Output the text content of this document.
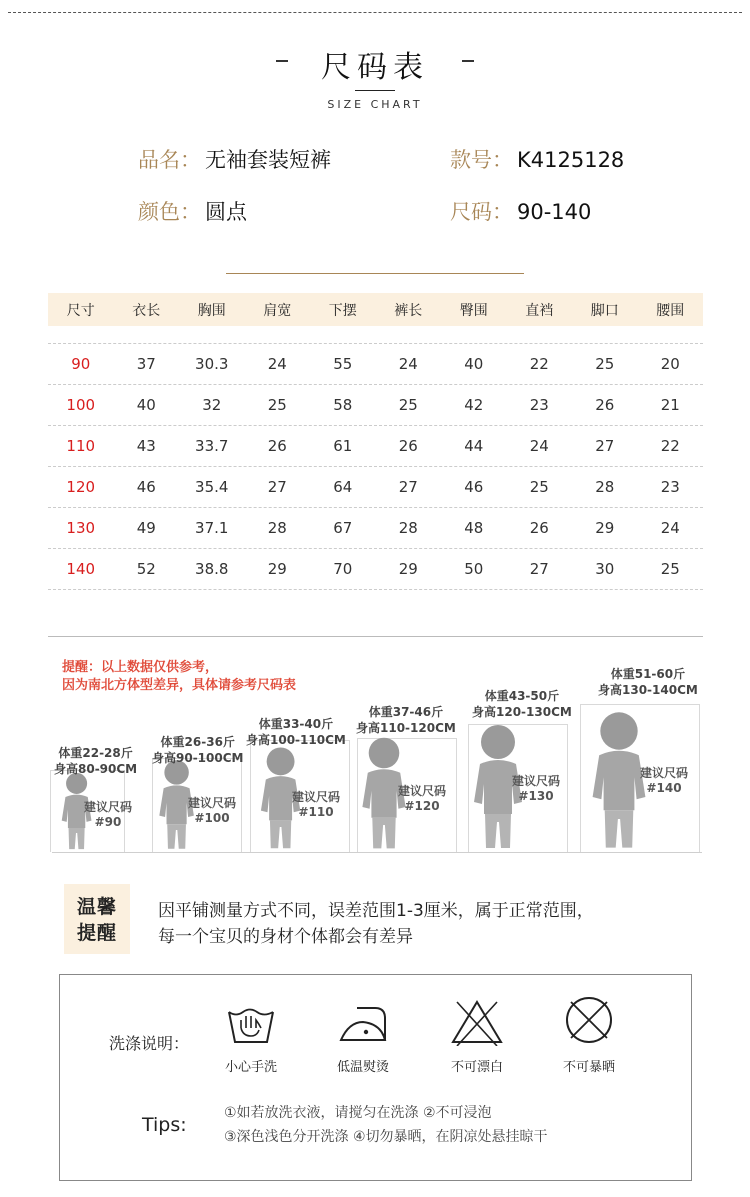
尺码表
SIZE CHART
品名： 无袖套装短裤	款号： K4125128
颜色： 圆点	尺码： 90-140
尺寸	衣长	胸围	肩宽	下摆	裤长	臀围	直裆	脚口	腰围
90	37	30.3	24	55	24	40	22	25	20
100	40	32	25	58	25	42	23	26	21
110	43	33.7	26	61	26	44	24	27	22
120	46	35.4	27	64	27	46	25	28	23
130	49	37.1	28	67	28	48	26	29	24
140	52	38.8	29	70	29	50	27	30	25
提醒：以上数据仅供参考，
因为南北方体型差异，具体请参考尺码表
体重22-28斤
身高80-90CM
建议尺码
#90
体重26-36斤
身高90-100CM
建议尺码
#100
体重33-40斤
身高100-110CM
建议尺码
#110
体重37-46斤
身高110-120CM
建议尺码
#120
体重43-50斤
身高120-130CM
建议尺码
#130
体重51-60斤
身高130-140CM
建议尺码
#140
温馨
提醒
因平铺测量方式不同，误差范围1-3厘米，属于正常范围，
每一个宝贝的身材个体都会有差异
洗涤说明：
小心手洗	低温熨烫	不可漂白	不可暴晒
Tips:
①如若放洗衣液，请搅匀在洗涤 ②不可浸泡
③深色浅色分开洗涤 ④切勿暴晒，在阴凉处悬挂晾干
